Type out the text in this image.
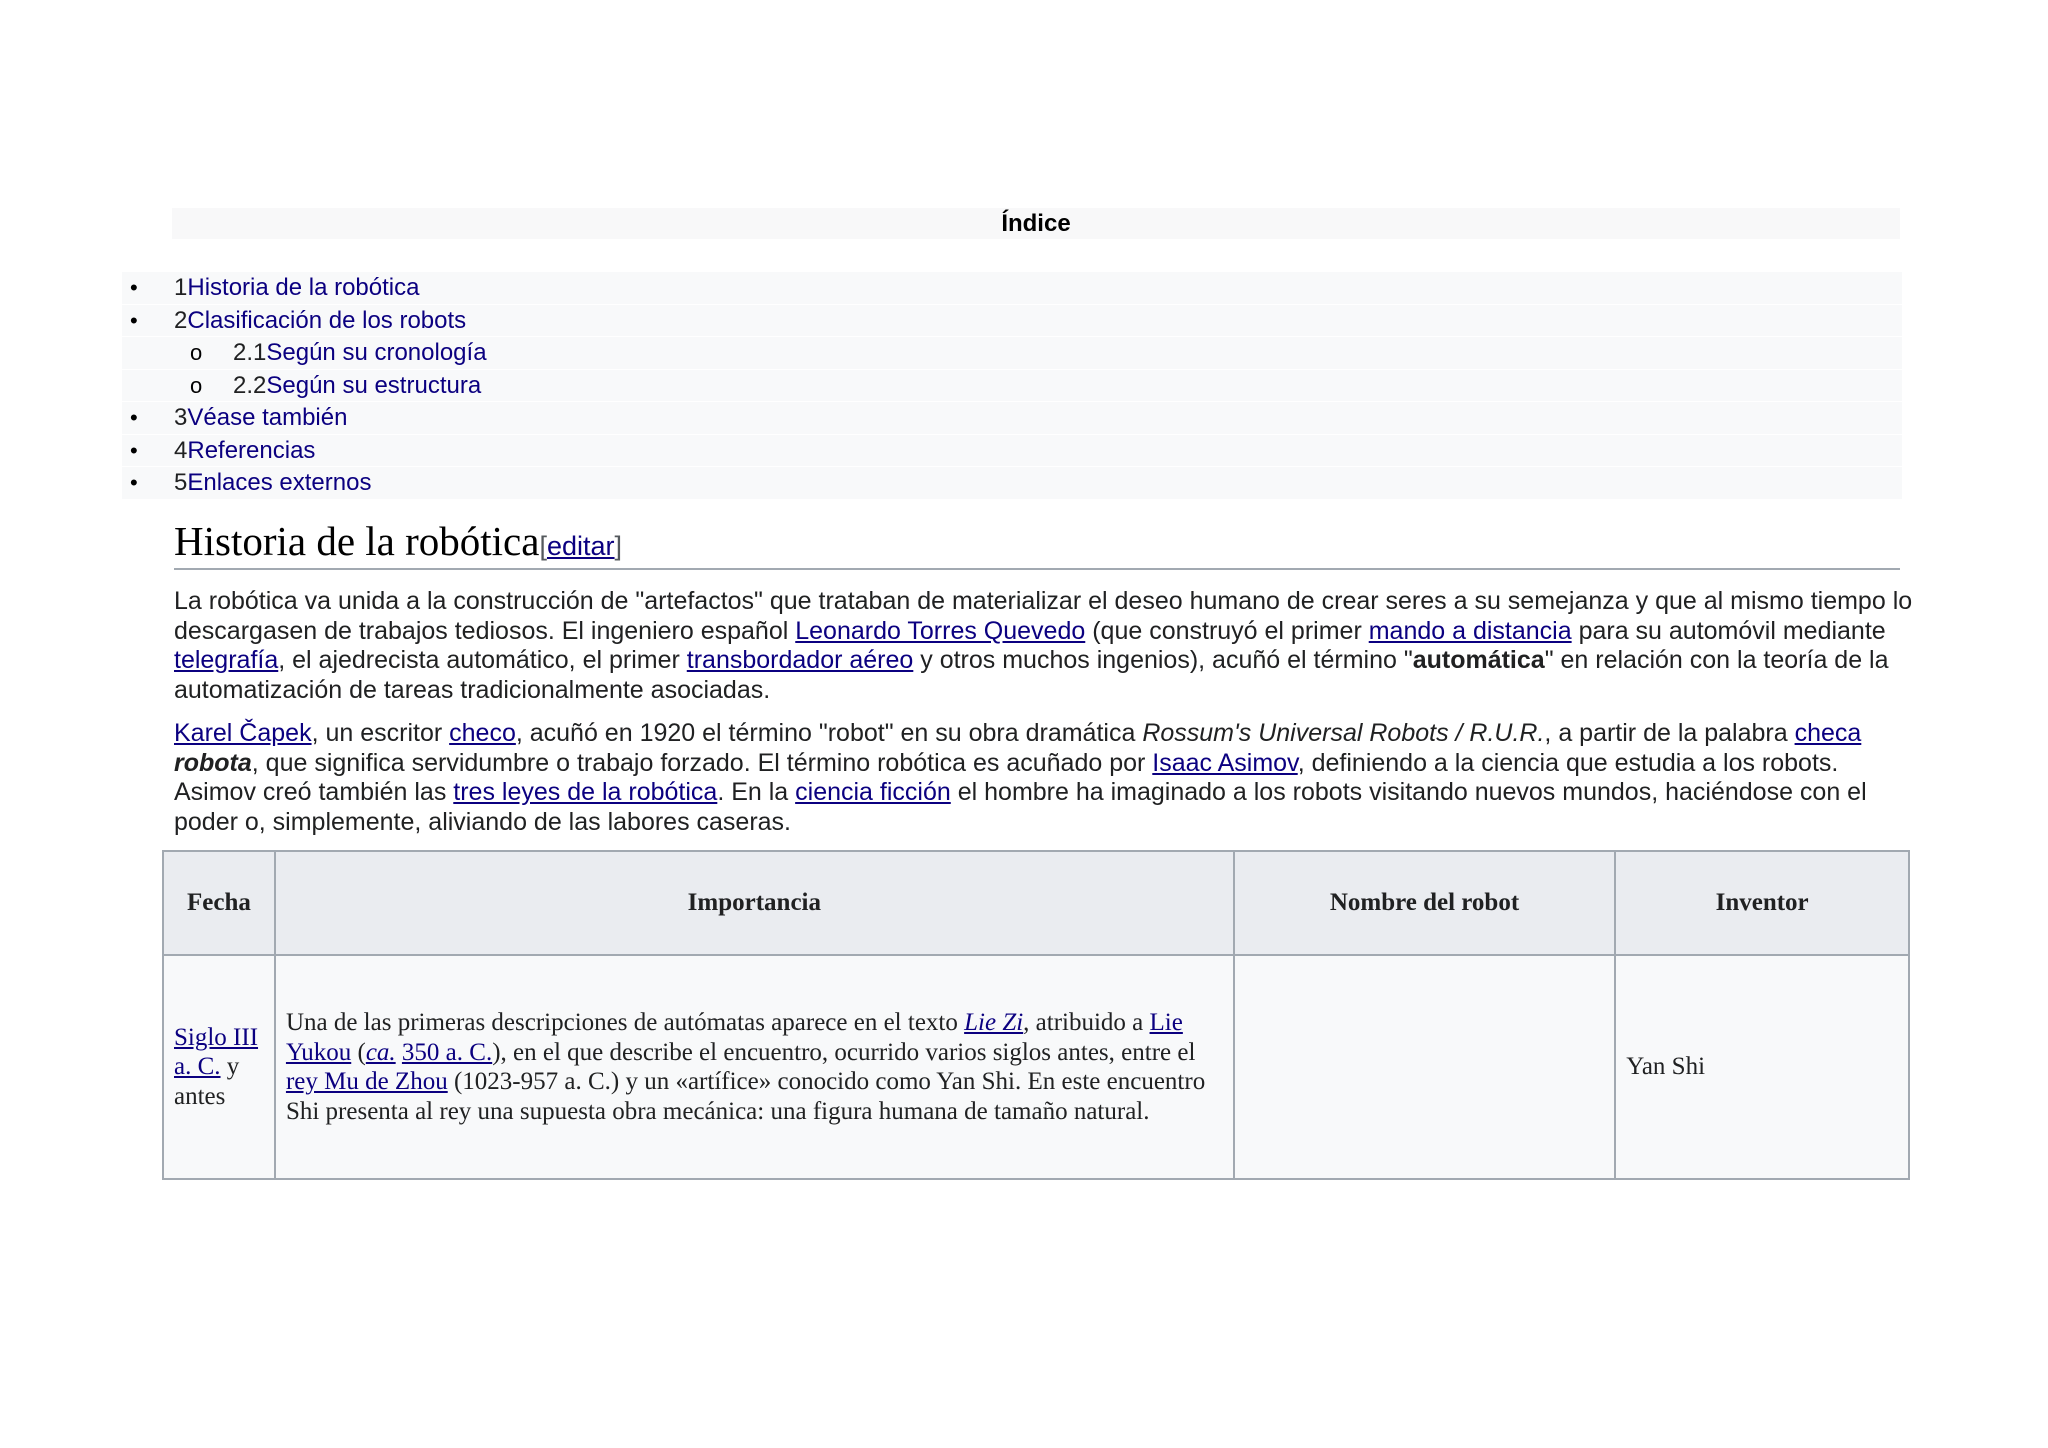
Índice
• 1Historia de la robótica
• 2Clasificación de los robots
o 2.1Según su cronología
o 2.2Según su estructura
• 3Véase también
• 4Referencias
• 5Enlaces externos
Historia de la robótica[editar]

La robótica va unida a la construcción de "artefactos" que trataban de materializar el deseo humano de crear seres a su semejanza y que al mismo tiempo lo descargasen de trabajos tediosos. El ingeniero español Leonardo Torres Quevedo (que construyó el primer mando a distancia para su automóvil mediante telegrafía, el ajedrecista automático, el primer transbordador aéreo y otros muchos ingenios), acuñó el término "automática" en relación con la teoría de la automatización de tareas tradicionalmente asociadas.

Karel Čapek, un escritor checo, acuñó en 1920 el término "robot" en su obra dramática Rossum's Universal Robots / R.U.R., a partir de la palabra checa robota, que significa servidumbre o trabajo forzado. El término robótica es acuñado por Isaac Asimov, definiendo a la ciencia que estudia a los robots. Asimov creó también las tres leyes de la robótica. En la ciencia ficción el hombre ha imaginado a los robots visitando nuevos mundos, haciéndose con el poder o, simplemente, aliviando de las labores caseras.

Fecha	Importancia	Nombre del robot	Inventor
Siglo III a. C. y antes	Una de las primeras descripciones de autómatas aparece en el texto Lie Zi, atribuido a Lie Yukou (ca. 350 a. C.), en el que describe el encuentro, ocurrido varios siglos antes, entre el rey Mu de Zhou (1023-957 a. C.) y un «artífice» conocido como Yan Shi. En este encuentro Shi presenta al rey una supuesta obra mecánica: una figura humana de tamaño natural.		Yan Shi
